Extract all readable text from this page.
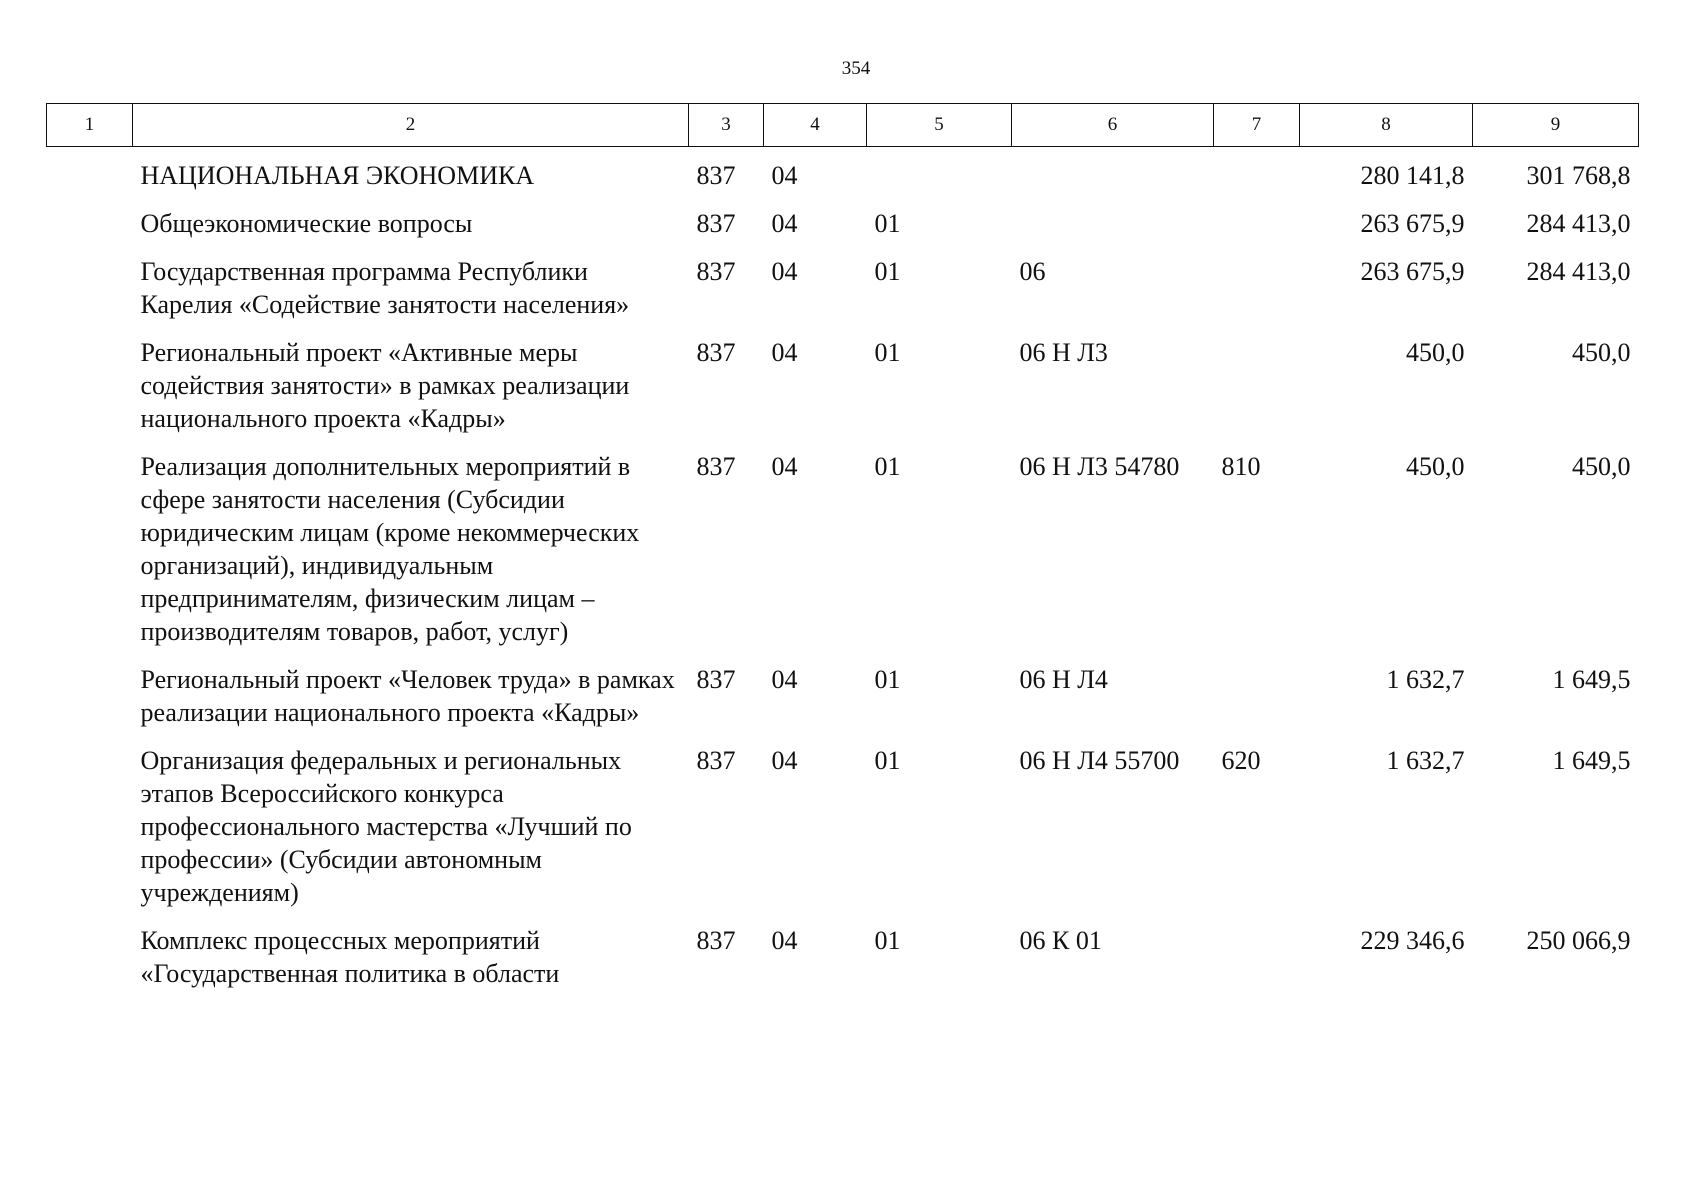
354
1	2	3	4	5	6	7	8	9
	НАЦИОНАЛЬНАЯ ЭКОНОМИКА	837	04				280 141,8	301 768,8
	Общеэкономические вопросы	837	04	01			263 675,9	284 413,0
	Государственная программа Республики Карелия «Содействие занятости населения»	837	04	01	06		263 675,9	284 413,0
	Региональный проект «Активные меры содействия занятости» в рамках реализации национального проекта «Кадры»	837	04	01	06 Н Л3		450,0	450,0
	Реализация дополнительных мероприятий в сфере занятости населения (Субсидии юридическим лицам (кроме некоммерческих организаций), индивидуальным предпринимателям, физическим лицам – производителям товаров, работ, услуг)	837	04	01	06 Н Л3 54780	810	450,0	450,0
	Региональный проект «Человек труда» в рамках реализации национального проекта «Кадры»	837	04	01	06 Н Л4		1 632,7	1 649,5
	Организация федеральных и региональных этапов Всероссийского конкурса профессионального мастерства «Лучший по профессии» (Субсидии автономным учреждениям)	837	04	01	06 Н Л4 55700	620	1 632,7	1 649,5
	Комплекс процессных мероприятий «Государственная политика в области	837	04	01	06 К 01		229 346,6	250 066,9
